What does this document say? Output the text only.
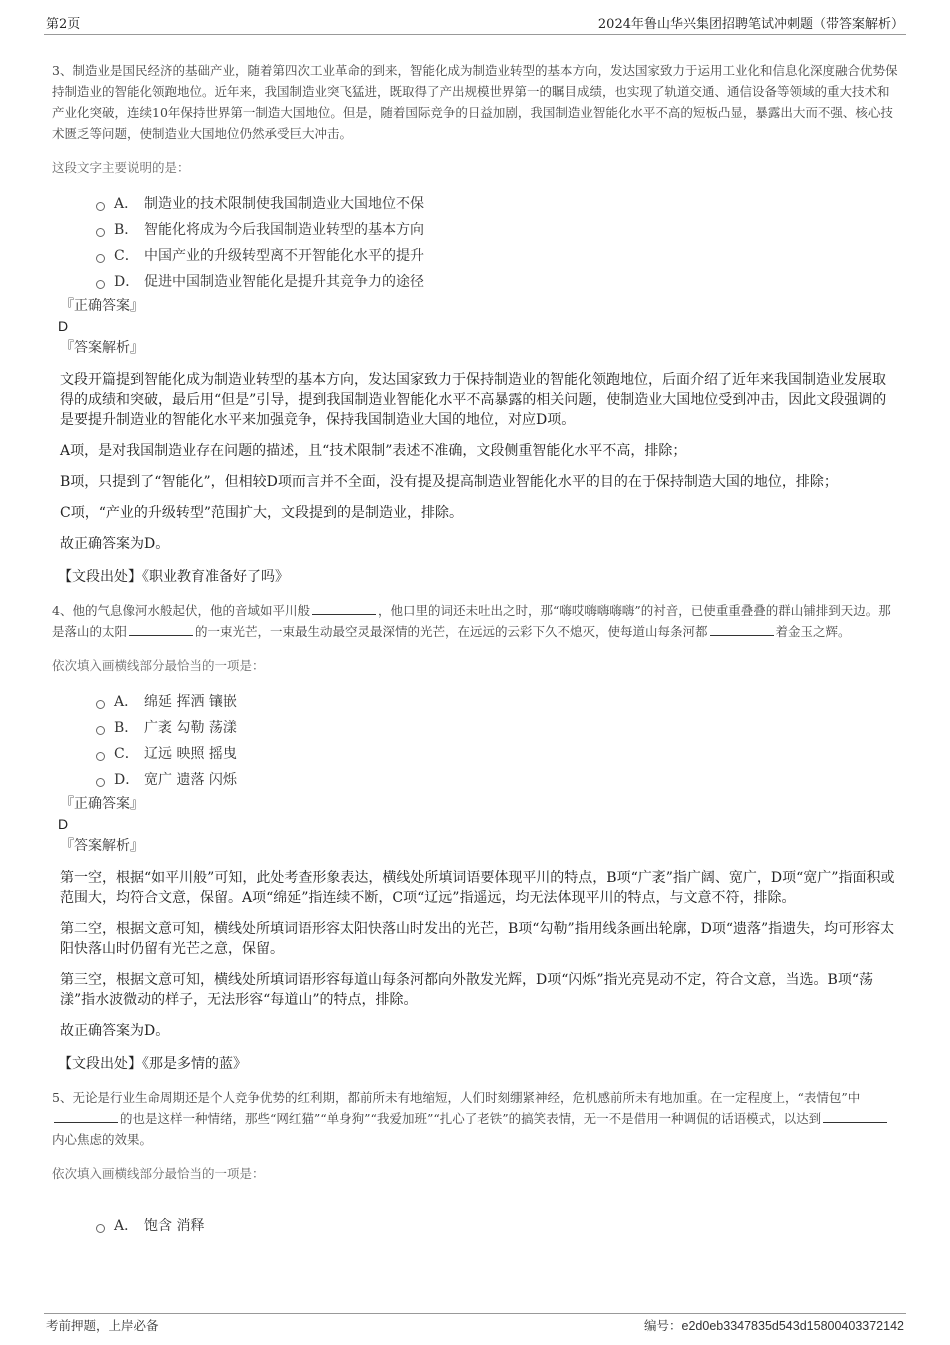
第2页	2024年鲁山华兴集团招聘笔试冲刺题（带答案解析）

3、制造业是国民经济的基础产业，随着第四次工业革命的到来，智能化成为制造业转型的基本方向，发达国家致力于运用工业化和信息化深度融合优势保持制造业的智能化领跑地位。近年来，我国制造业突飞猛进，既取得了产出规模世界第一的瞩目成绩，也实现了轨道交通、通信设备等领域的重大技术和产业化突破，连续10年保持世界第一制造大国地位。但是，随着国际竞争的日益加剧，我国制造业智能化水平不高的短板凸显，暴露出大而不强、核心技术匮乏等问题，使制造业大国地位仍然承受巨大冲击。

这段文字主要说明的是：

A． 制造业的技术限制使我国制造业大国地位不保
B． 智能化将成为今后我国制造业转型的基本方向
C． 中国产业的升级转型离不开智能化水平的提升
D． 促进中国制造业智能化是提升其竞争力的途径
『正确答案』
D
『答案解析』

文段开篇提到智能化成为制造业转型的基本方向，发达国家致力于保持制造业的智能化领跑地位，后面介绍了近年来我国制造业发展取得的成绩和突破，最后用“但是”引导，提到我国制造业智能化水平不高暴露的相关问题，使制造业大国地位受到冲击，因此文段强调的是要提升制造业的智能化水平来加强竞争，保持我国制造业大国的地位，对应D项。

A项，是对我国制造业存在问题的描述，且“技术限制”表述不准确，文段侧重智能化水平不高，排除；

B项，只提到了“智能化”，但相较D项而言并不全面，没有提及提高制造业智能化水平的目的在于保持制造大国的地位，排除；

C项，“产业的升级转型”范围扩大，文段提到的是制造业，排除。

故正确答案为D。

【文段出处】《职业教育准备好了吗》

4、他的气息像河水般起伏，他的音域如平川般	，他口里的词还未吐出之时，那“嗨哎嗨嗨嗨嗨”的衬音，已使重重叠叠的群山铺排到天边。那是落山的太阳	的一束光芒，一束最生动最空灵最深情的光芒，在远远的云彩下久不熄灭，使每道山每条河都	着金玉之辉。

依次填入画横线部分最恰当的一项是：

A． 绵延 挥洒 镶嵌
B． 广袤 勾勒 荡漾
C． 辽远 映照 摇曳
D． 宽广 遗落 闪烁
『正确答案』
D
『答案解析』

第一空，根据“如平川般”可知，此处考查形象表达，横线处所填词语要体现平川的特点，B项“广袤”指广阔、宽广，D项“宽广”指面积或范围大，均符合文意，保留。A项“绵延”指连续不断，C项“辽远”指遥远，均无法体现平川的特点，与文意不符，排除。

第二空，根据文意可知，横线处所填词语形容太阳快落山时发出的光芒，B项“勾勒”指用线条画出轮廓，D项“遗落”指遗失，均可形容太阳快落山时仍留有光芒之意，保留。

第三空，根据文意可知，横线处所填词语形容每道山每条河都向外散发光辉，D项“闪烁”指光亮晃动不定，符合文意，当选。B项“荡漾”指水波微动的样子，无法形容“每道山”的特点，排除。

故正确答案为D。

【文段出处】《那是多情的蓝》

5、无论是行业生命周期还是个人竞争优势的红利期，都前所未有地缩短，人们时刻绷紧神经，危机感前所未有地加重。在一定程度上，“表情包”中的也是这样一种情绪，那些“网红猫”“单身狗”“我爱加班”“扎心了老铁”的搞笑表情，无一不是借用一种调侃的话语模式，以达到内心焦虑的效果。

依次填入画横线部分最恰当的一项是：

A． 饱含 消释
考前押题，上岸必备	编号：e2d0eb3347835d543d15800403372142
